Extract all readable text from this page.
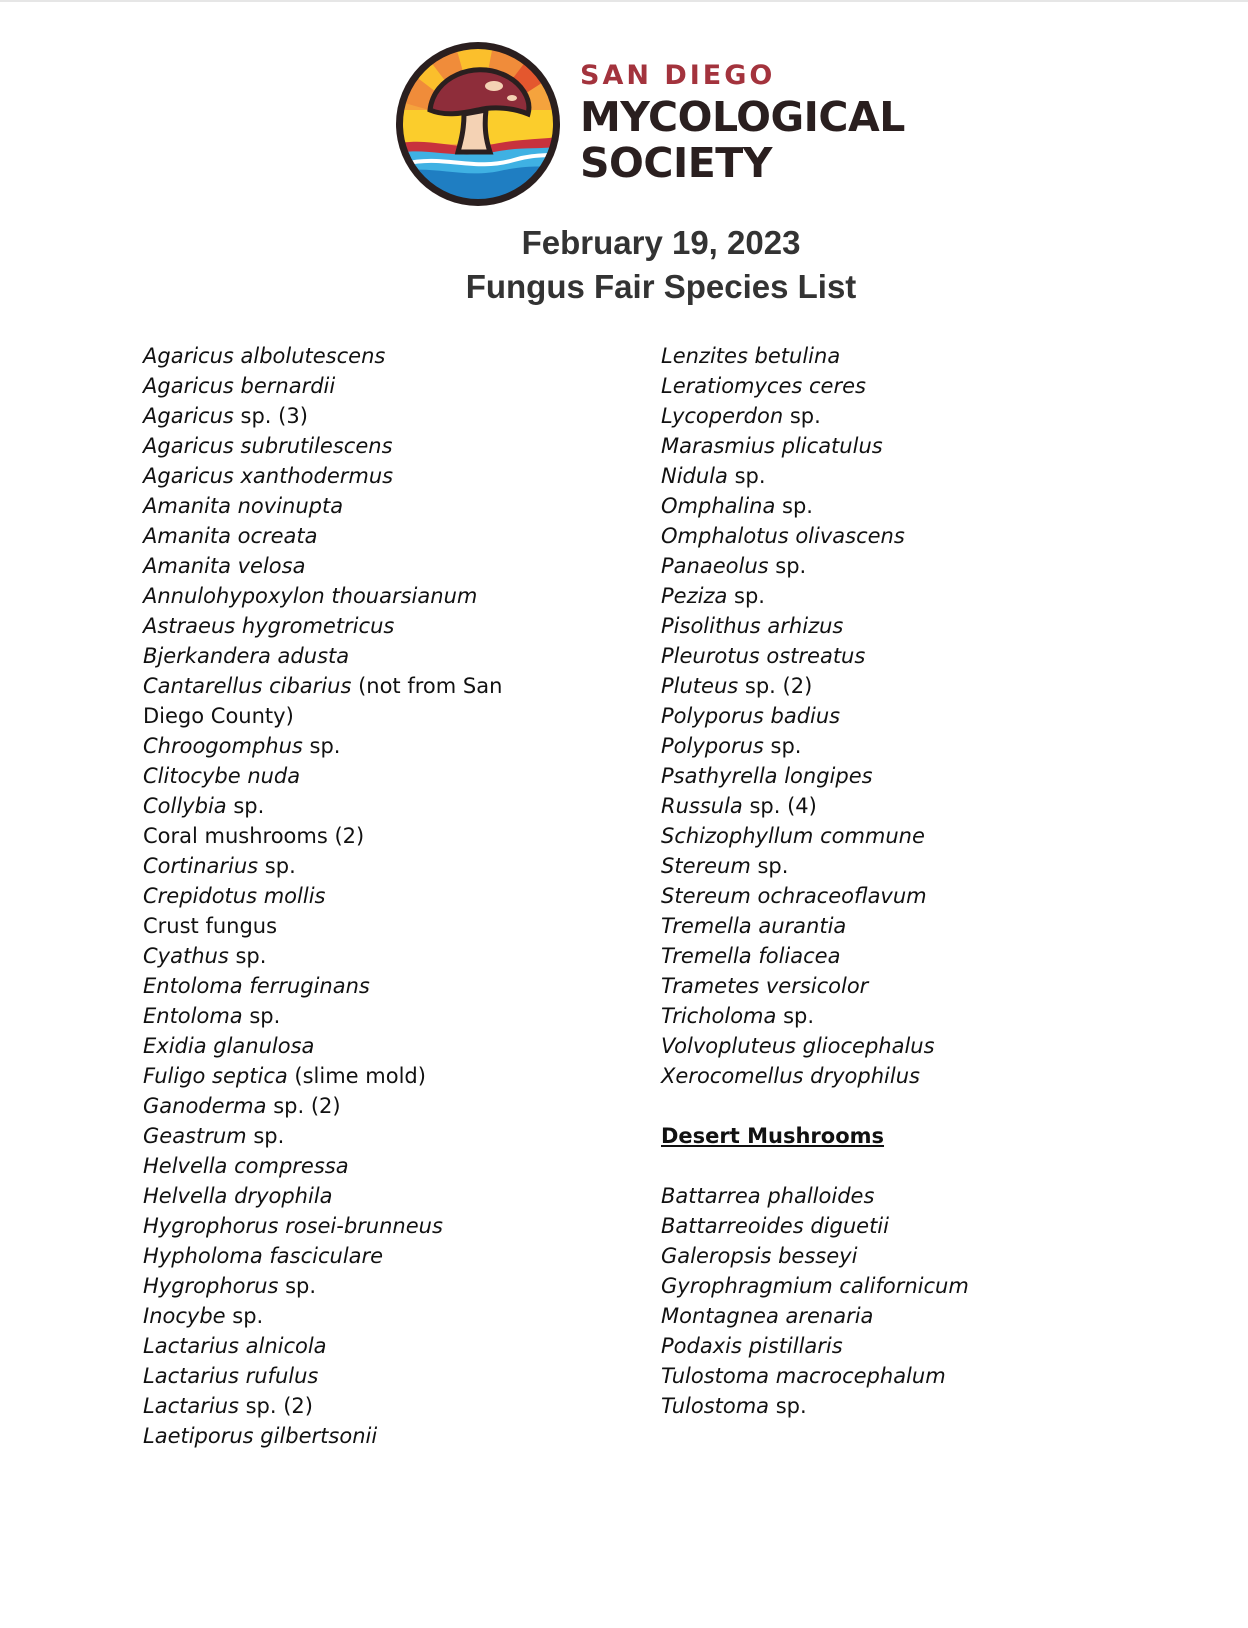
SAN DIEGO
MYCOLOGICAL
SOCIETY
February 19, 2023
Fungus Fair Species List
Agaricus albolutescens
Agaricus bernardii
Agaricus sp. (3)
Agaricus subrutilescens
Agaricus xanthodermus
Amanita novinupta
Amanita ocreata
Amanita velosa
Annulohypoxylon thouarsianum
Astraeus hygrometricus
Bjerkandera adusta
Cantarellus cibarius (not from San Diego County)
Chroogomphus sp.
Clitocybe nuda
Collybia sp.
Coral mushrooms (2)
Cortinarius sp.
Crepidotus mollis
Crust fungus
Cyathus sp.
Entoloma ferruginans
Entoloma sp.
Exidia glanulosa
Fuligo septica (slime mold)
Ganoderma sp. (2)
Geastrum sp.
Helvella compressa
Helvella dryophila
Hygrophorus rosei-brunneus
Hypholoma fasciculare
Hygrophorus sp.
Inocybe sp.
Lactarius alnicola
Lactarius rufulus
Lactarius sp. (2)
Laetiporus gilbertsonii
Lenzites betulina
Leratiomyces ceres
Lycoperdon sp.
Marasmius plicatulus
Nidula sp.
Omphalina sp.
Omphalotus olivascens
Panaeolus sp.
Peziza sp.
Pisolithus arhizus
Pleurotus ostreatus
Pluteus sp. (2)
Polyporus badius
Polyporus sp.
Psathyrella longipes
Russula sp. (4)
Schizophyllum commune
Stereum sp.
Stereum ochraceoflavum
Tremella aurantia
Tremella foliacea
Trametes versicolor
Tricholoma sp.
Volvopluteus gliocephalus
Xerocomellus dryophilus
Desert Mushrooms
Battarrea phalloides
Battarreoides diguetii
Galeropsis besseyi
Gyrophragmium californicum
Montagnea arenaria
Podaxis pistillaris
Tulostoma macrocephalum
Tulostoma sp.
